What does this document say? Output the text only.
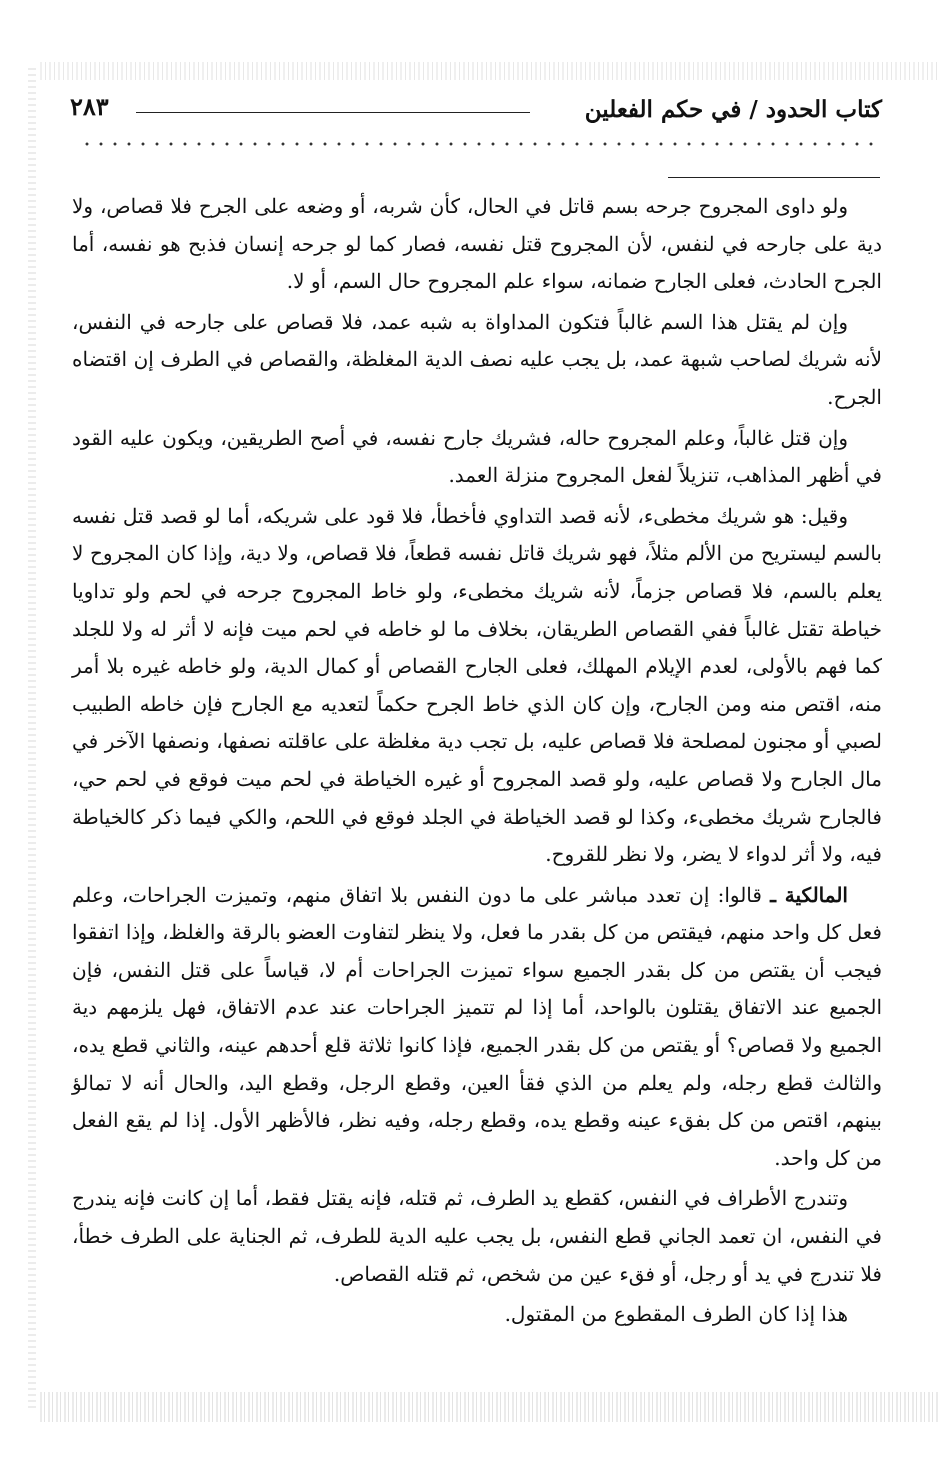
كتاب الحدود / في حكم الفعلين
٢٨٣

ولو داوى المجروح جرحه بسم قاتل في الحال، كأن شربه، أو وضعه على الجرح فلا قصاص، ولا دية على جارحه في لنفس، لأن المجروح قتل نفسه، فصار كما لو جرحه إنسان فذبح هو نفسه، أما الجرح الحادث، فعلى الجارح ضمانه، سواء علم المجروح حال السم، أو لا.

وإن لم يقتل هذا السم غالباً فتكون المداواة به شبه عمد، فلا قصاص على جارحه في النفس، لأنه شريك لصاحب شبهة عمد، بل يجب عليه نصف الدية المغلظة، والقصاص في الطرف إن اقتضاه الجرح.

وإن قتل غالباً، وعلم المجروح حاله، فشريك جارح نفسه، في أصح الطريقين، ويكون عليه القود في أظهر المذاهب، تنزيلاً لفعل المجروح منزلة العمد.

وقيل: هو شريك مخطىء، لأنه قصد التداوي فأخطأ، فلا قود على شريكه، أما لو قصد قتل نفسه بالسم ليستريح من الألم مثلاً، فهو شريك قاتل نفسه قطعاً، فلا قصاص، ولا دية، وإذا كان المجروح لا يعلم بالسم، فلا قصاص جزماً، لأنه شريك مخطىء، ولو خاط المجروح جرحه في لحم ولو تداويا خياطة تقتل غالباً ففي القصاص الطريقان، بخلاف ما لو خاطه في لحم ميت فإنه لا أثر له ولا للجلد كما فهم بالأولى، لعدم الإيلام المهلك، فعلى الجارح القصاص أو كمال الدية، ولو خاطه غيره بلا أمر منه، اقتص منه ومن الجارح، وإن كان الذي خاط الجرح حكماً لتعديه مع الجارح فإن خاطه الطبيب لصبي أو مجنون لمصلحة فلا قصاص عليه، بل تجب دية مغلظة على عاقلته نصفها، ونصفها الآخر في مال الجارح ولا قصاص عليه، ولو قصد المجروح أو غيره الخياطة في لحم ميت فوقع في لحم حي، فالجارح شريك مخطىء، وكذا لو قصد الخياطة في الجلد فوقع في اللحم، والكي فيما ذكر كالخياطة فيه، ولا أثر لدواء لا يضر، ولا نظر للقروح.

المالكية ـ قالوا: إن تعدد مباشر على ما دون النفس بلا اتفاق منهم، وتميزت الجراحات، وعلم فعل كل واحد منهم، فيقتص من كل بقدر ما فعل، ولا ينظر لتفاوت العضو بالرقة والغلظ، وإذا اتفقوا فيجب أن يقتص من كل بقدر الجميع سواء تميزت الجراحات أم لا، قياساً على قتل النفس، فإن الجميع عند الاتفاق يقتلون بالواحد، أما إذا لم تتميز الجراحات عند عدم الاتفاق، فهل يلزمهم دية الجميع ولا قصاص؟ أو يقتص من كل بقدر الجميع، فإذا كانوا ثلاثة قلع أحدهم عينه، والثاني قطع يده، والثالث قطع رجله، ولم يعلم من الذي فقأ العين، وقطع الرجل، وقطع اليد، والحال أنه لا تمالؤ بينهم، اقتص من كل بفقء عينه وقطع يده، وقطع رجله، وفيه نظر، فالأظهر الأول. إذا لم يقع الفعل من كل واحد.

وتندرج الأطراف في النفس، كقطع يد الطرف، ثم قتله، فإنه يقتل فقط، أما إن كانت فإنه يندرج في النفس، ان تعمد الجاني قطع النفس، بل يجب عليه الدية للطرف، ثم الجناية على الطرف خطأ، فلا تندرج في يد أو رجل، أو فقء عين من شخص، ثم قتله القصاص.

هذا إذا كان الطرف المقطوع من المقتول.
